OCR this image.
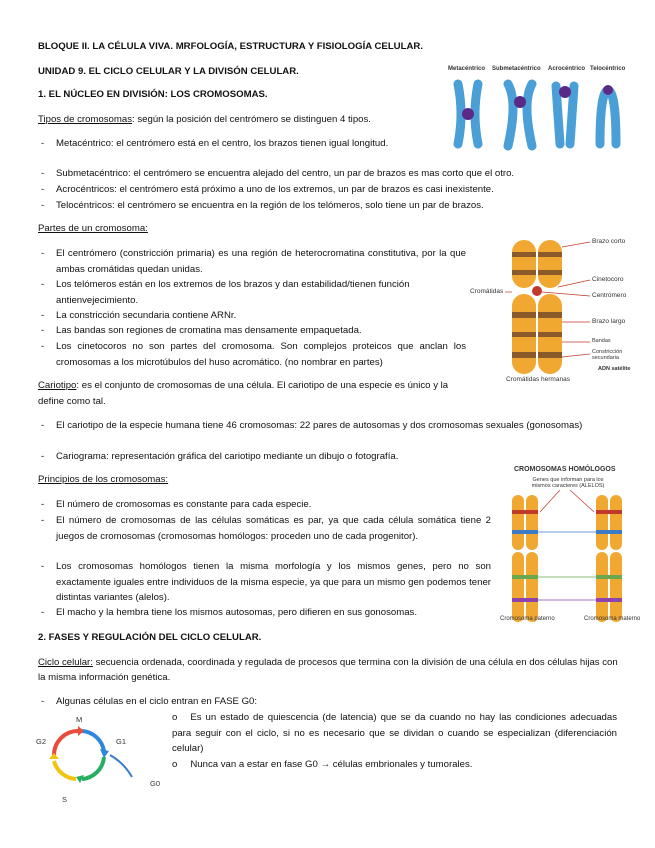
BLOQUE II. LA CÉLULA VIVA. MRFOLOGÍA, ESTRUCTURA Y FISIOLOGÍA CELULAR.
UNIDAD 9. EL CICLO CELULAR Y LA DIVISÓN CELULAR.
1. EL NÚCLEO EN DIVISIÓN: LOS CROMOSOMAS.
Tipos de cromosomas: según la posición del centrómero se distinguen 4 tipos.
- Metacéntrico: el centrómero está en el centro, los brazos tienen igual longitud.
- Submetacéntrico: el centrómero se encuentra alejado del centro, un par de brazos es mas corto que el otro.
- Acrocéntricos: el centrómero está próximo a uno de los extremos, un par de brazos es casi inexistente.
- Telocéntricos: el centrómero se encuentra en la región de los telómeros, solo tiene un par de brazos.
Metacéntrico Submetacéntrico Acrocéntrico Telocéntrico
Partes de un cromosoma:
- El centrómero (constricción primaria) es una región de heterocromatina constitutiva, por la que ambas cromátidas quedan unidas.
- Los telómeros están en los extremos de los brazos y dan estabilidad/tienen función antienvejecimiento.
- La constricción secundaria contiene ARNr.
- Las bandas son regiones de cromatina mas densamente empaquetada.
- Los cinetocoros no son partes del cromosoma. Son complejos proteicos que anclan los cromosomas a los microtúbulos del huso acromático. (no nombrar en partes)
Brazo corto
Cinetocoro
Centrómero
Brazo largo
Bandas
Constricción secundaria
ADN satélite
Cromátidas
Cromátidas hermanas
Cariotipo: es el conjunto de cromosomas de una célula. El cariotipo de una especie es único y la define como tal.
- El cariotipo de la especie humana tiene 46 cromosomas: 22 pares de autosomas y dos cromosomas sexuales (gonosomas)
- Cariograma: representación gráfica del cariotipo mediante un dibujo o fotografía.
Principios de los cromosomas:
- El número de cromosomas es constante para cada especie.
- El número de cromosomas de las células somáticas es par, ya que cada célula somática tiene 2 juegos de cromosomas (cromosomas homólogos: proceden uno de cada progenitor).
- Los cromosomas homólogos tienen la misma morfología y los mismos genes, pero no son exactamente iguales entre individuos de la misma especie, ya que para un mismo gen podemos tener distintas variantes (alelos).
- El macho y la hembra tiene los mismos autosomas, pero difieren en sus gonosomas.
CROMOSOMAS HOMÓLOGOS
Genes que informan para los mismos caracteres (ALELOS)
Cromosoma paterno	Cromosoma materno
2. FASES Y REGULACIÓN DEL CICLO CELULAR.
Ciclo celular: secuencia ordenada, coordinada y regulada de procesos que termina con la división de una célula en dos células hijas con la misma información genética.
- Algunas células en el ciclo entran en FASE G0:
o Es un estado de quiescencia (de latencia) que se da cuando no hay las condiciones adecuadas para seguir con el ciclo, si no es necesario que se dividan o cuando se especializan (diferenciación celular)
o Nunca van a estar en fase G0 → células embrionales y tumorales.
M
G1
G2
S
G0
